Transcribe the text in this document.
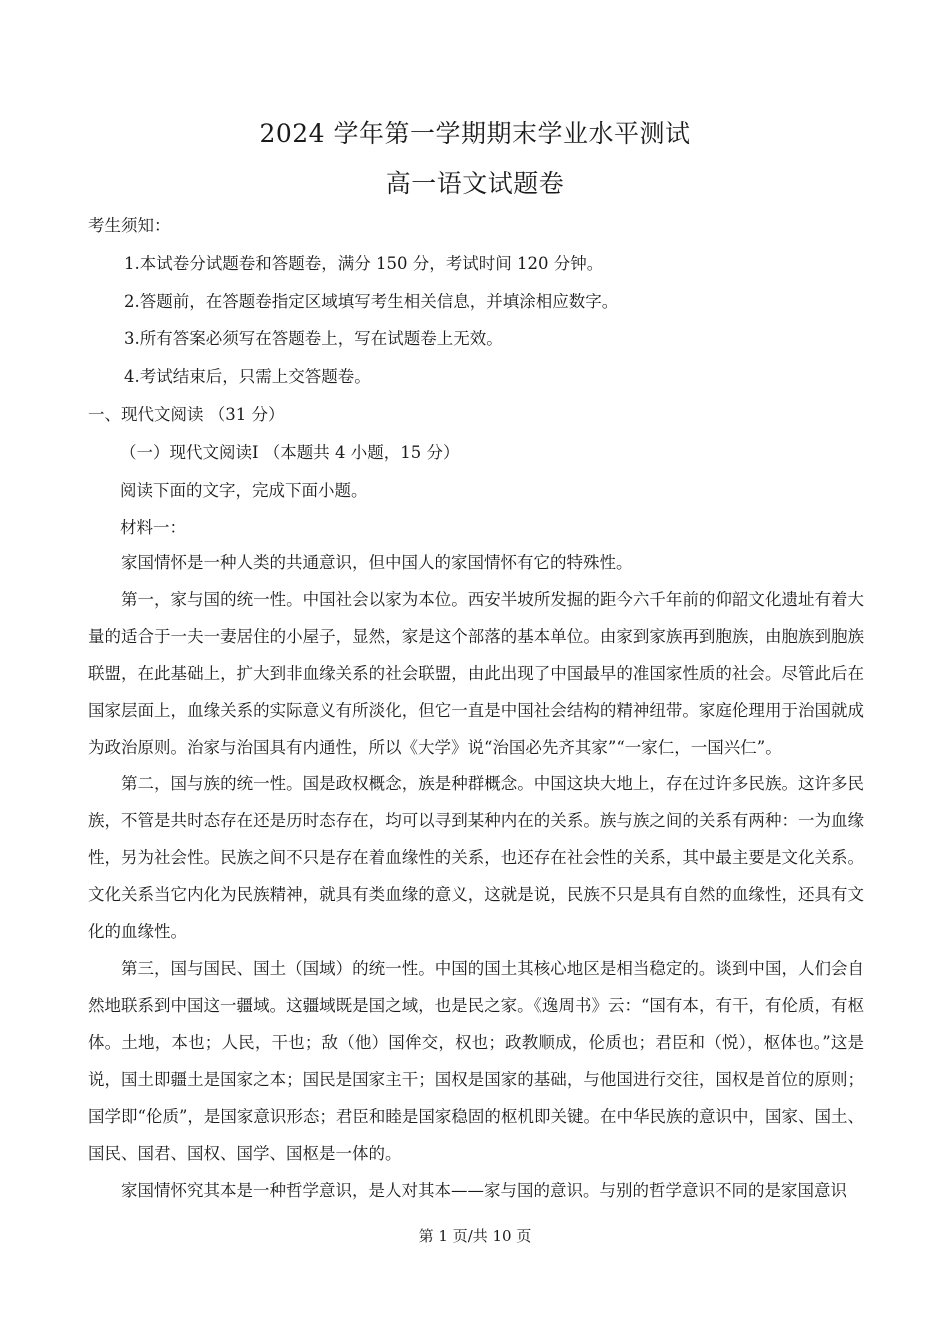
2024 学年第一学期期末学业水平测试
高一语文试题卷
考生须知：
1.本试卷分试题卷和答题卷，满分 150 分，考试时间 120 分钟。
2.答题前，在答题卷指定区域填写考生相关信息，并填涂相应数字。
3.所有答案必须写在答题卷上，写在试题卷上无效。
4.考试结束后，只需上交答题卷。
一、现代文阅读 （31 分）
（一）现代文阅读Ⅰ （本题共 4 小题，15 分）
阅读下面的文字，完成下面小题。
材料一：
家国情怀是一种人类的共通意识，但中国人的家国情怀有它的特殊性。
第一，家与国的统一性。中国社会以家为本位。西安半坡所发掘的距今六千年前的仰韶文化遗址有着大量的适合于一夫一妻居住的小屋子，显然，家是这个部落的基本单位。由家到家族再到胞族，由胞族到胞族联盟，在此基础上，扩大到非血缘关系的社会联盟，由此出现了中国最早的准国家性质的社会。尽管此后在国家层面上，血缘关系的实际意义有所淡化，但它一直是中国社会结构的精神纽带。家庭伦理用于治国就成为政治原则。治家与治国具有内通性，所以《大学》说“治国必先齐其家”“一家仁，一国兴仁”。
第二，国与族的统一性。国是政权概念，族是种群概念。中国这块大地上，存在过许多民族。这许多民族，不管是共时态存在还是历时态存在，均可以寻到某种内在的关系。族与族之间的关系有两种：一为血缘性，另为社会性。民族之间不只是存在着血缘性的关系，也还存在社会性的关系，其中最主要是文化关系。文化关系当它内化为民族精神，就具有类血缘的意义，这就是说，民族不只是具有自然的血缘性，还具有文化的血缘性。
第三，国与国民、国土（国域）的统一性。中国的国土其核心地区是相当稳定的。谈到中国，人们会自然地联系到中国这一疆域。这疆域既是国之域，也是民之家。《逸周书》云：“国有本，有干，有伦质，有枢体。土地，本也；人民，干也；敌（他）国侔交，权也；政教顺成，伦质也；君臣和（悦），枢体也。”这是说，国土即疆土是国家之本；国民是国家主干；国权是国家的基础，与他国进行交往，国权是首位的原则；国学即“伦质”，是国家意识形态；君臣和睦是国家稳固的枢机即关键。在中华民族的意识中，国家、国土、国民、国君、国权、国学、国枢是一体的。
家国情怀究其本是一种哲学意识，是人对其本——家与国的意识。与别的哲学意识不同的是家国意识
第 1 页/共 10 页
